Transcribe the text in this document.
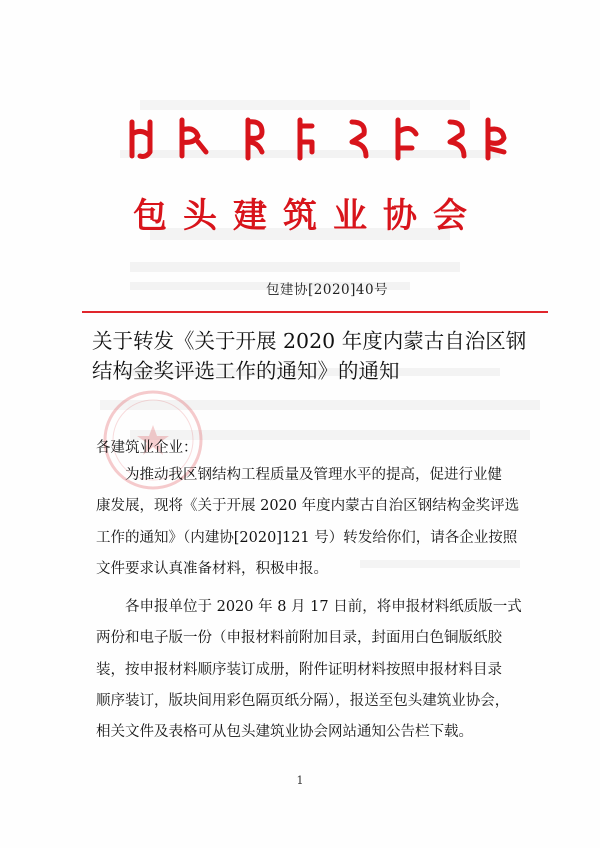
包头建筑业协会
包建协[2020]40号
关于转发《关于开展 2020 年度内蒙古自治区钢
结构金奖评选工作的通知》的通知
各建筑业企业：
　　为推动我区钢结构工程质量及管理水平的提高，促进行业健
康发展，现将《关于开展 2020 年度内蒙古自治区钢结构金奖评选
工作的通知》（内建协[2020]121 号）转发给你们，请各企业按照
文件要求认真准备材料，积极申报。
　　各申报单位于 2020 年 8 月 17 日前，将申报材料纸质版一式
两份和电子版一份（申报材料前附加目录，封面用白色铜版纸胶
装，按申报材料顺序装订成册，附件证明材料按照申报材料目录
顺序装订，版块间用彩色隔页纸分隔），报送至包头建筑业协会，
相关文件及表格可从包头建筑业协会网站通知公告栏下载。
1
